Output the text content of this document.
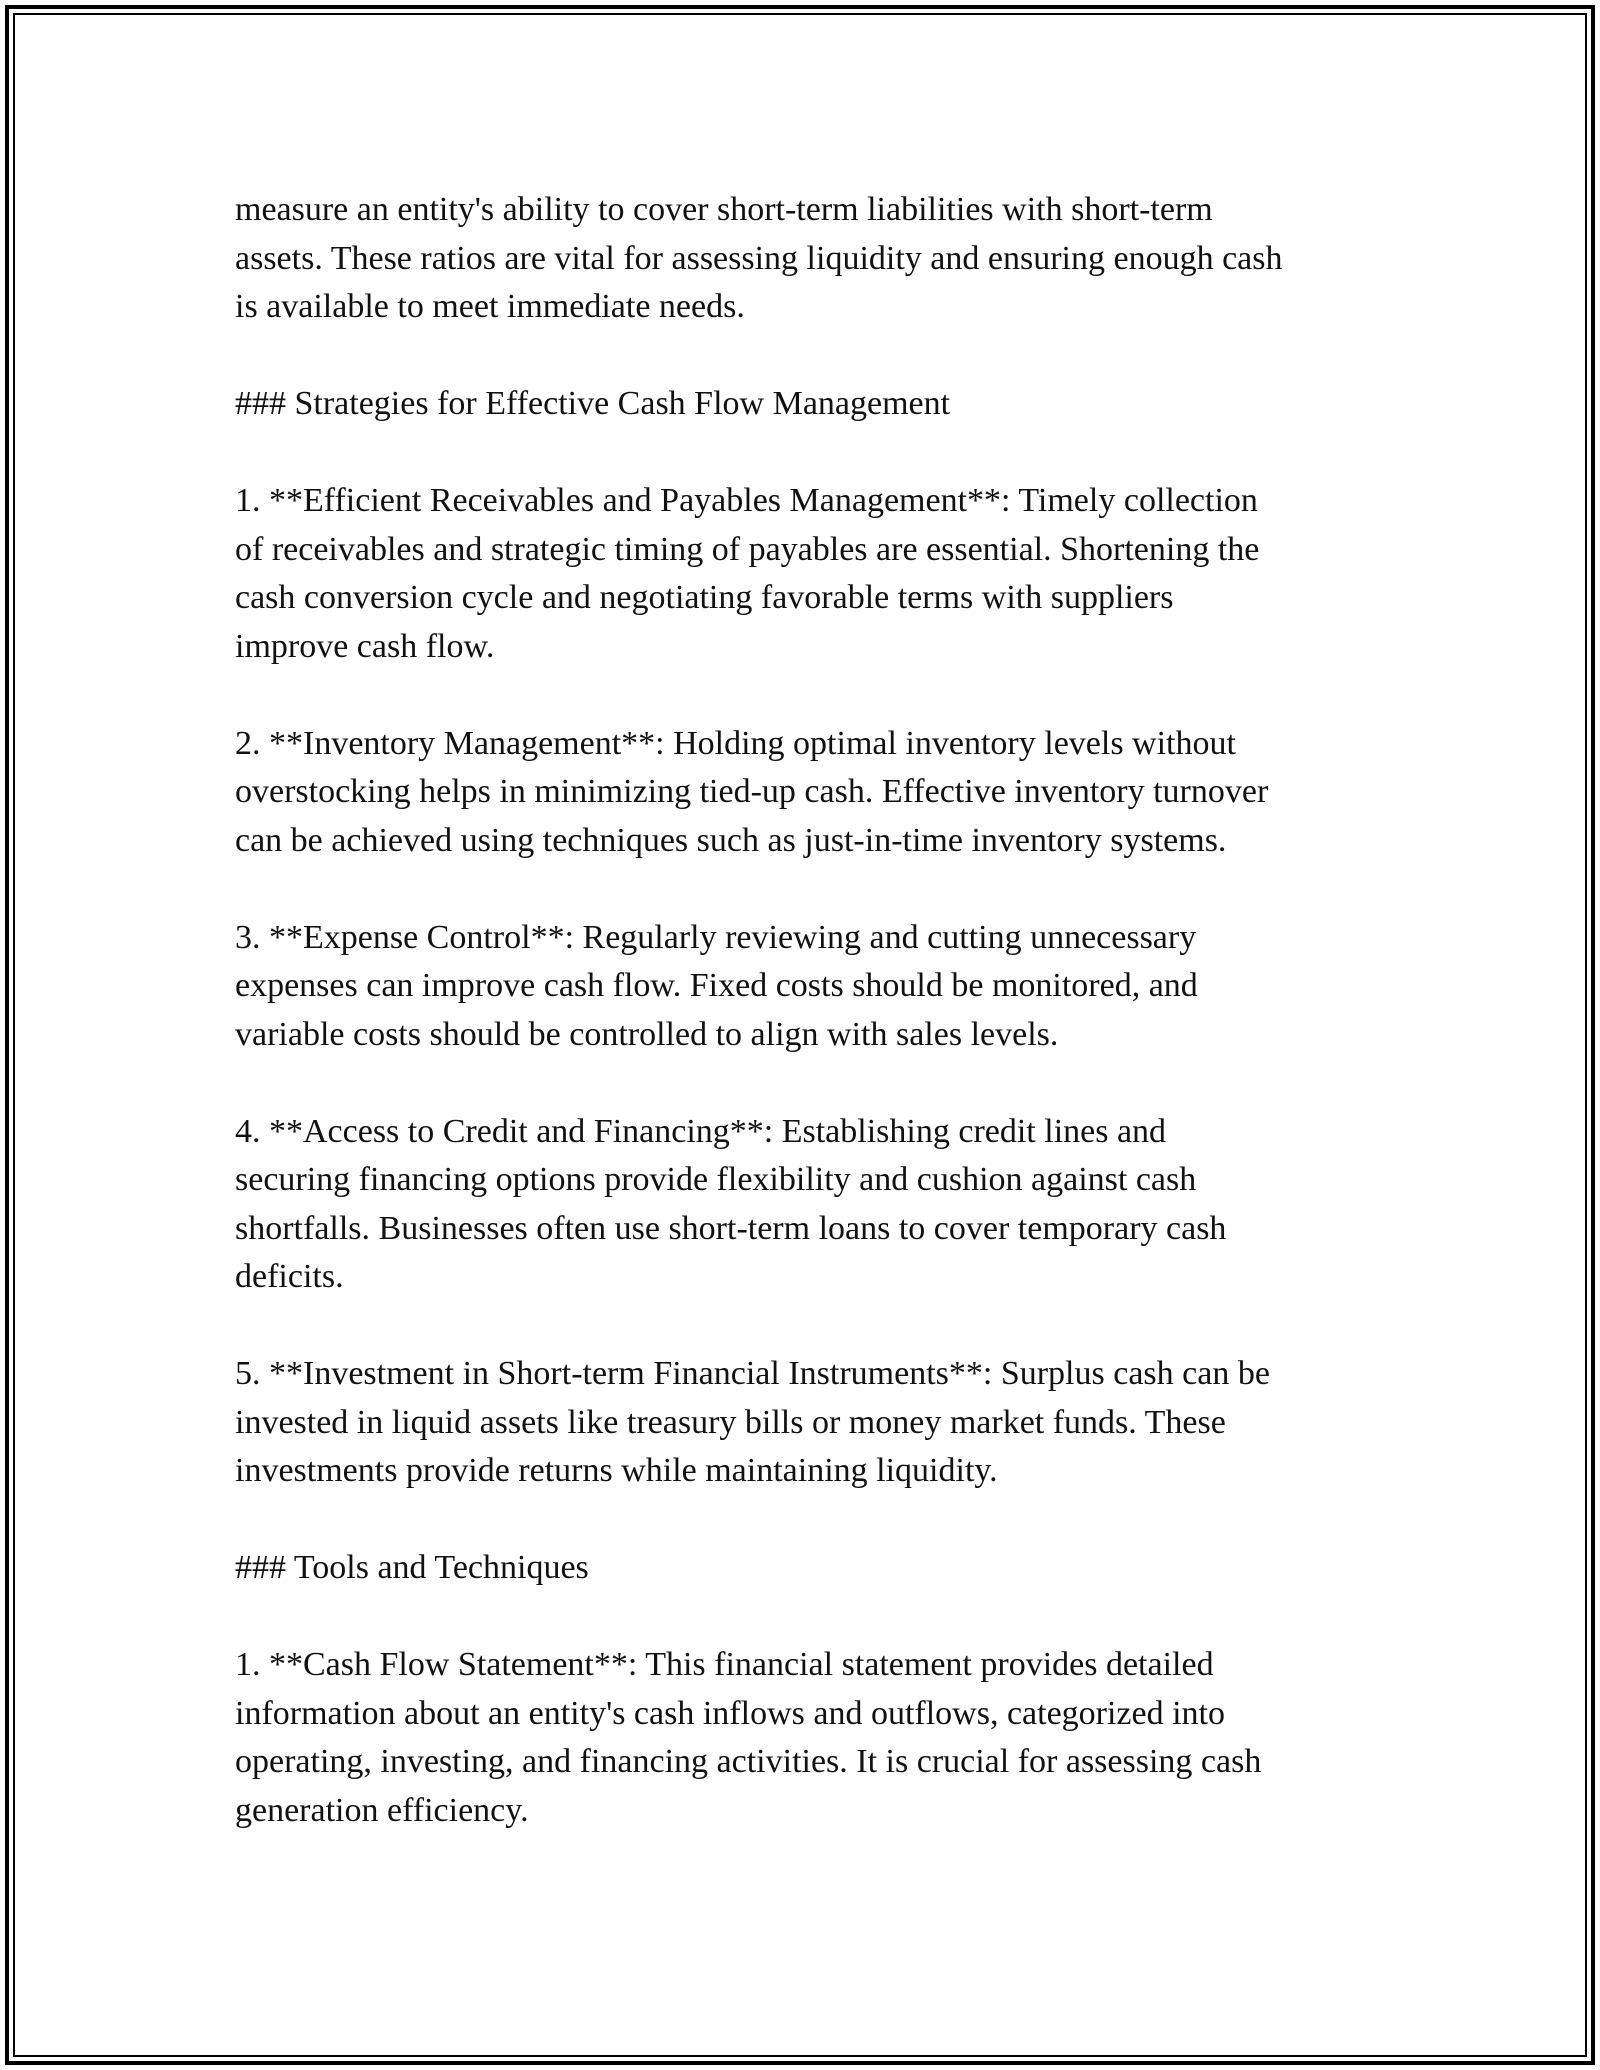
measure an entity's ability to cover short-term liabilities with short-term
assets. These ratios are vital for assessing liquidity and ensuring enough cash
is available to meet immediate needs.

### Strategies for Effective Cash Flow Management

1. **Efficient Receivables and Payables Management**: Timely collection
of receivables and strategic timing of payables are essential. Shortening the
cash conversion cycle and negotiating favorable terms with suppliers
improve cash flow.

2. **Inventory Management**: Holding optimal inventory levels without
overstocking helps in minimizing tied-up cash. Effective inventory turnover
can be achieved using techniques such as just-in-time inventory systems.

3. **Expense Control**: Regularly reviewing and cutting unnecessary
expenses can improve cash flow. Fixed costs should be monitored, and
variable costs should be controlled to align with sales levels.

4. **Access to Credit and Financing**: Establishing credit lines and
securing financing options provide flexibility and cushion against cash
shortfalls. Businesses often use short-term loans to cover temporary cash
deficits.

5. **Investment in Short-term Financial Instruments**: Surplus cash can be
invested in liquid assets like treasury bills or money market funds. These
investments provide returns while maintaining liquidity.

### Tools and Techniques

1. **Cash Flow Statement**: This financial statement provides detailed
information about an entity's cash inflows and outflows, categorized into
operating, investing, and financing activities. It is crucial for assessing cash
generation efficiency.
